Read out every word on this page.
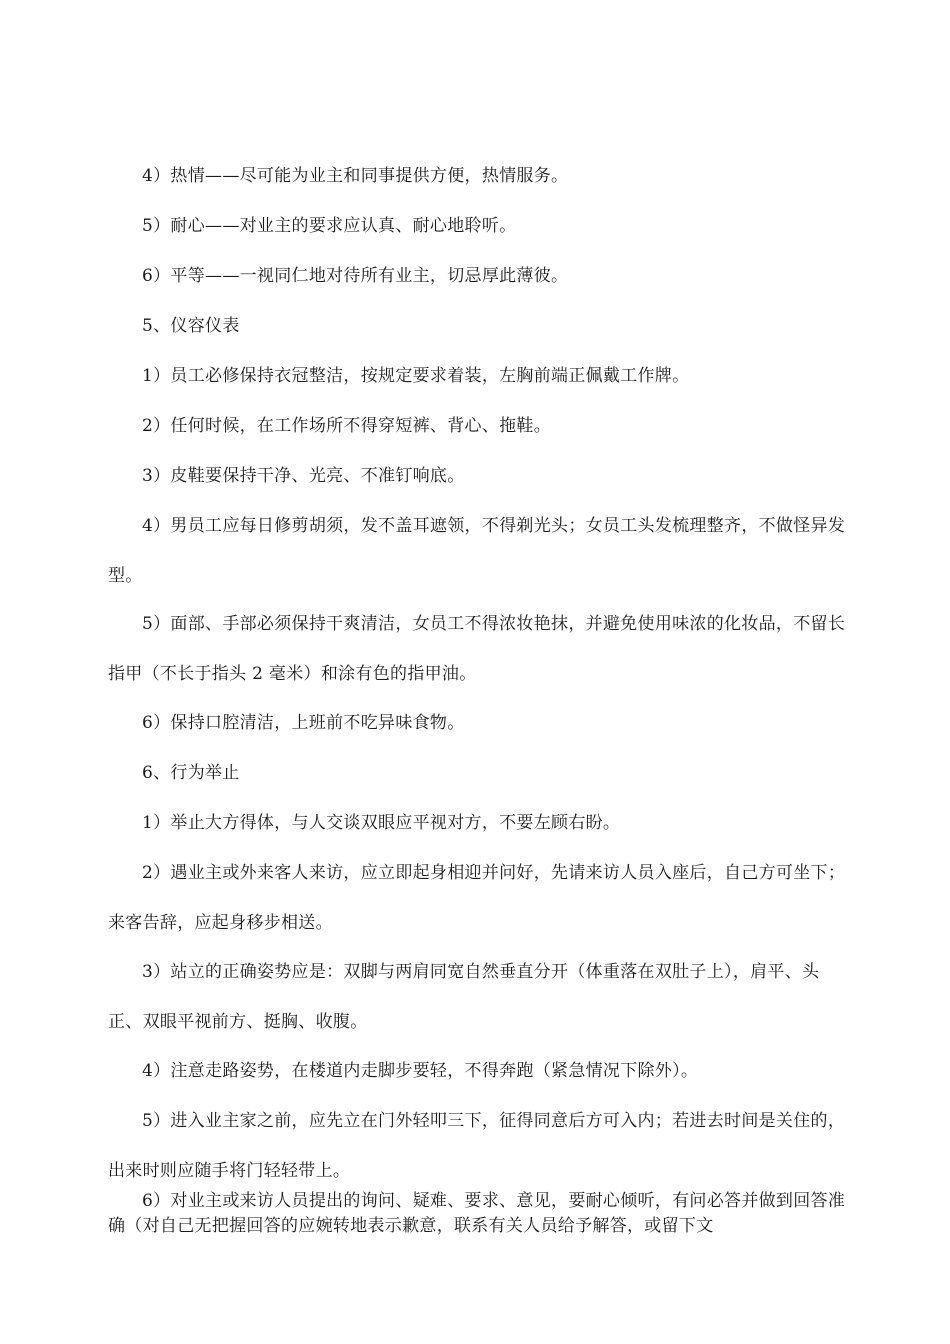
4）热情——尽可能为业主和同事提供方便，热情服务。

5）耐心——对业主的要求应认真、耐心地聆听。

6）平等——一视同仁地对待所有业主，切忌厚此薄彼。

5、仪容仪表

1）员工必修保持衣冠整洁，按规定要求着装，左胸前端正佩戴工作牌。

2）任何时候，在工作场所不得穿短裤、背心、拖鞋。

3）皮鞋要保持干净、光亮、不准钉响底。

4）男员工应每日修剪胡须，发不盖耳遮领，不得剃光头；女员工头发梳理整齐，不做怪异发型。

5）面部、手部必须保持干爽清洁，女员工不得浓妆艳抹，并避免使用味浓的化妆品，不留长指甲（不长于指头 2 毫米）和涂有色的指甲油。

6）保持口腔清洁，上班前不吃异味食物。

6、行为举止

1）举止大方得体，与人交谈双眼应平视对方，不要左顾右盼。

2）遇业主或外来客人来访，应立即起身相迎并问好，先请来访人员入座后，自己方可坐下；来客告辞，应起身移步相送。

3）站立的正确姿势应是：双脚与两肩同宽自然垂直分开（体重落在双肚子上），肩平、头正、双眼平视前方、挺胸、收腹。

4）注意走路姿势，在楼道内走脚步要轻，不得奔跑（紧急情况下除外）。

5）进入业主家之前，应先立在门外轻叩三下，征得同意后方可入内；若进去时间是关住的，出来时则应随手将门轻轻带上。

6）对业主或来访人员提出的询问、疑难、要求、意见，要耐心倾听，有问必答并做到回答准确（对自己无把握回答的应婉转地表示歉意，联系有关人员给予解答，或留下文
